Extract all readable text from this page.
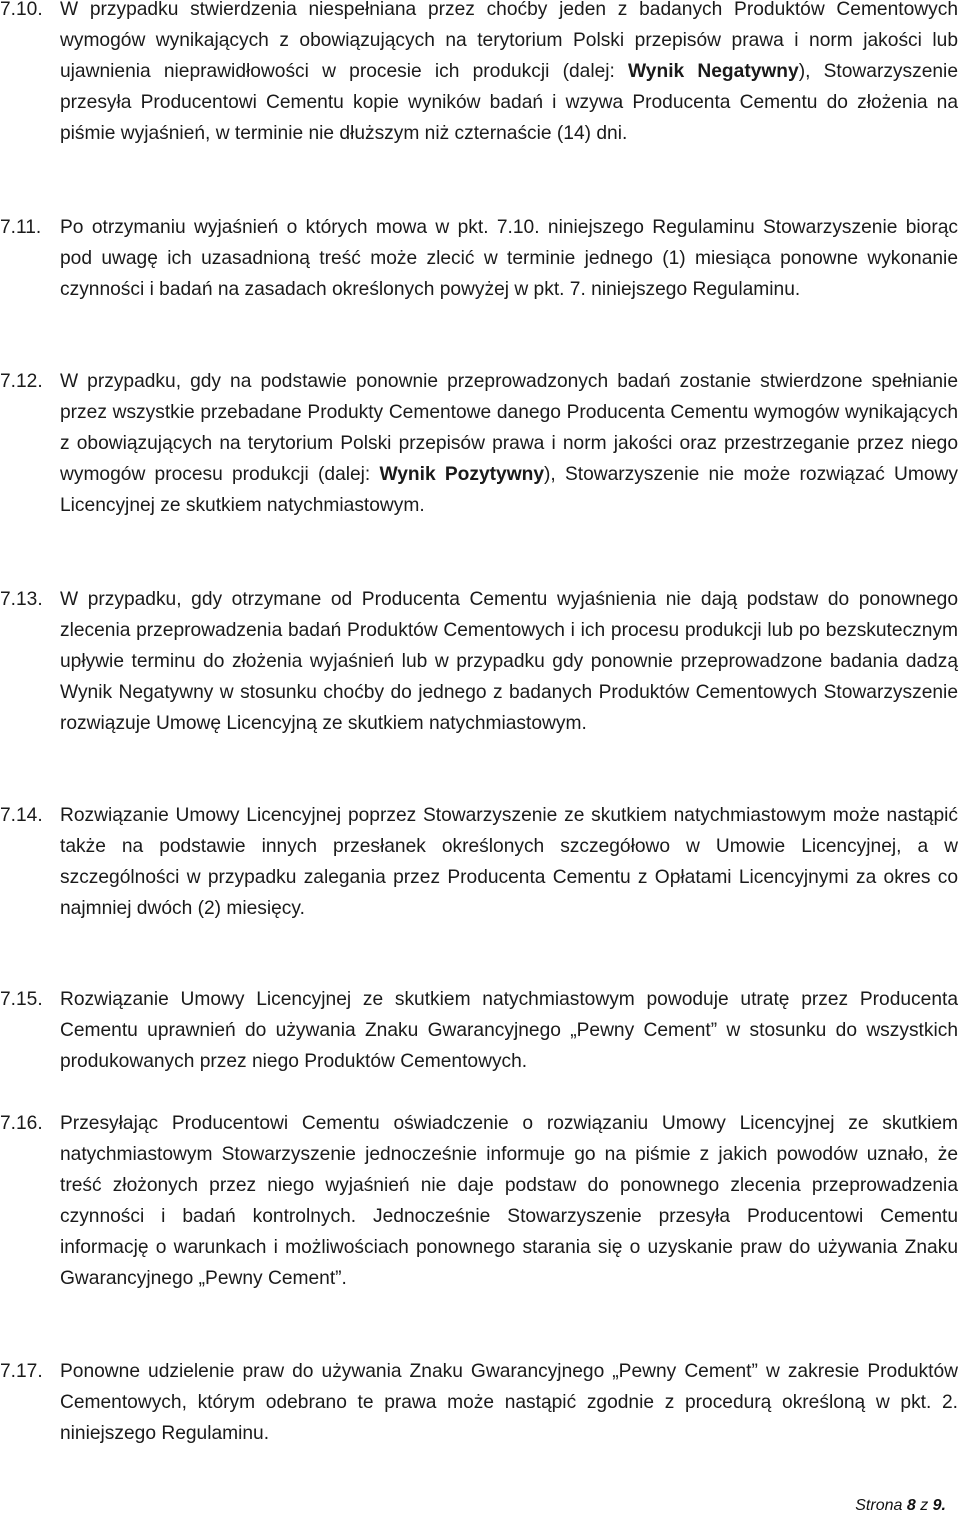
7.10. W przypadku stwierdzenia niespełniana przez choćby jeden z badanych Produktów Cementowych wymogów wynikających z obowiązujących na terytorium Polski przepisów prawa i norm jakości lub ujawnienia nieprawidłowości w procesie ich produkcji (dalej: Wynik Negatywny), Stowarzyszenie przesyła Producentowi Cementu kopie wyników badań i wzywa Producenta Cementu do złożenia na piśmie wyjaśnień, w terminie nie dłuższym niż czternaście (14) dni.
7.11. Po otrzymaniu wyjaśnień o których mowa w pkt. 7.10. niniejszego Regulaminu Stowarzyszenie biorąc pod uwagę ich uzasadnioną treść może zlecić w terminie jednego (1) miesiąca ponowne wykonanie czynności i badań na zasadach określonych powyżej w pkt. 7. niniejszego Regulaminu.
7.12. W przypadku, gdy na podstawie ponownie przeprowadzonych badań zostanie stwierdzone spełnianie przez wszystkie przebadane Produkty Cementowe danego Producenta Cementu wymogów wynikających z obowiązujących na terytorium Polski przepisów prawa i norm jakości oraz przestrzeganie przez niego wymogów procesu produkcji (dalej: Wynik Pozytywny), Stowarzyszenie nie może rozwiązać Umowy Licencyjnej ze skutkiem natychmiastowym.
7.13. W przypadku, gdy otrzymane od Producenta Cementu wyjaśnienia nie dają podstaw do ponownego zlecenia przeprowadzenia badań Produktów Cementowych i ich procesu produkcji lub po bezskutecznym upływie terminu do złożenia wyjaśnień lub w przypadku gdy ponownie przeprowadzone badania dadzą Wynik Negatywny w stosunku choćby do jednego z badanych Produktów Cementowych Stowarzyszenie rozwiązuje Umowę Licencyjną ze skutkiem natychmiastowym.
7.14. Rozwiązanie Umowy Licencyjnej poprzez Stowarzyszenie ze skutkiem natychmiastowym może nastąpić także na podstawie innych przesłanek określonych szczegółowo w Umowie Licencyjnej, a w szczególności w przypadku zalegania przez Producenta Cementu z Opłatami Licencyjnymi za okres co najmniej dwóch (2) miesięcy.
7.15. Rozwiązanie Umowy Licencyjnej ze skutkiem natychmiastowym powoduje utratę przez Producenta Cementu uprawnień do używania Znaku Gwarancyjnego „Pewny Cement” w stosunku do wszystkich produkowanych przez niego Produktów Cementowych.
7.16. Przesyłając Producentowi Cementu oświadczenie o rozwiązaniu Umowy Licencyjnej ze skutkiem natychmiastowym Stowarzyszenie jednocześnie informuje go na piśmie z jakich powodów uznało, że treść złożonych przez niego wyjaśnień nie daje podstaw do ponownego zlecenia przeprowadzenia czynności i badań kontrolnych. Jednocześnie Stowarzyszenie przesyła Producentowi Cementu informację o warunkach i możliwościach ponownego starania się o uzyskanie praw do używania Znaku Gwarancyjnego „Pewny Cement”.
7.17. Ponowne udzielenie praw do używania Znaku Gwarancyjnego „Pewny Cement” w zakresie Produktów Cementowych, którym odebrano te prawa może nastąpić zgodnie z procedurą określoną w pkt. 2. niniejszego Regulaminu.
Strona 8 z 9.
